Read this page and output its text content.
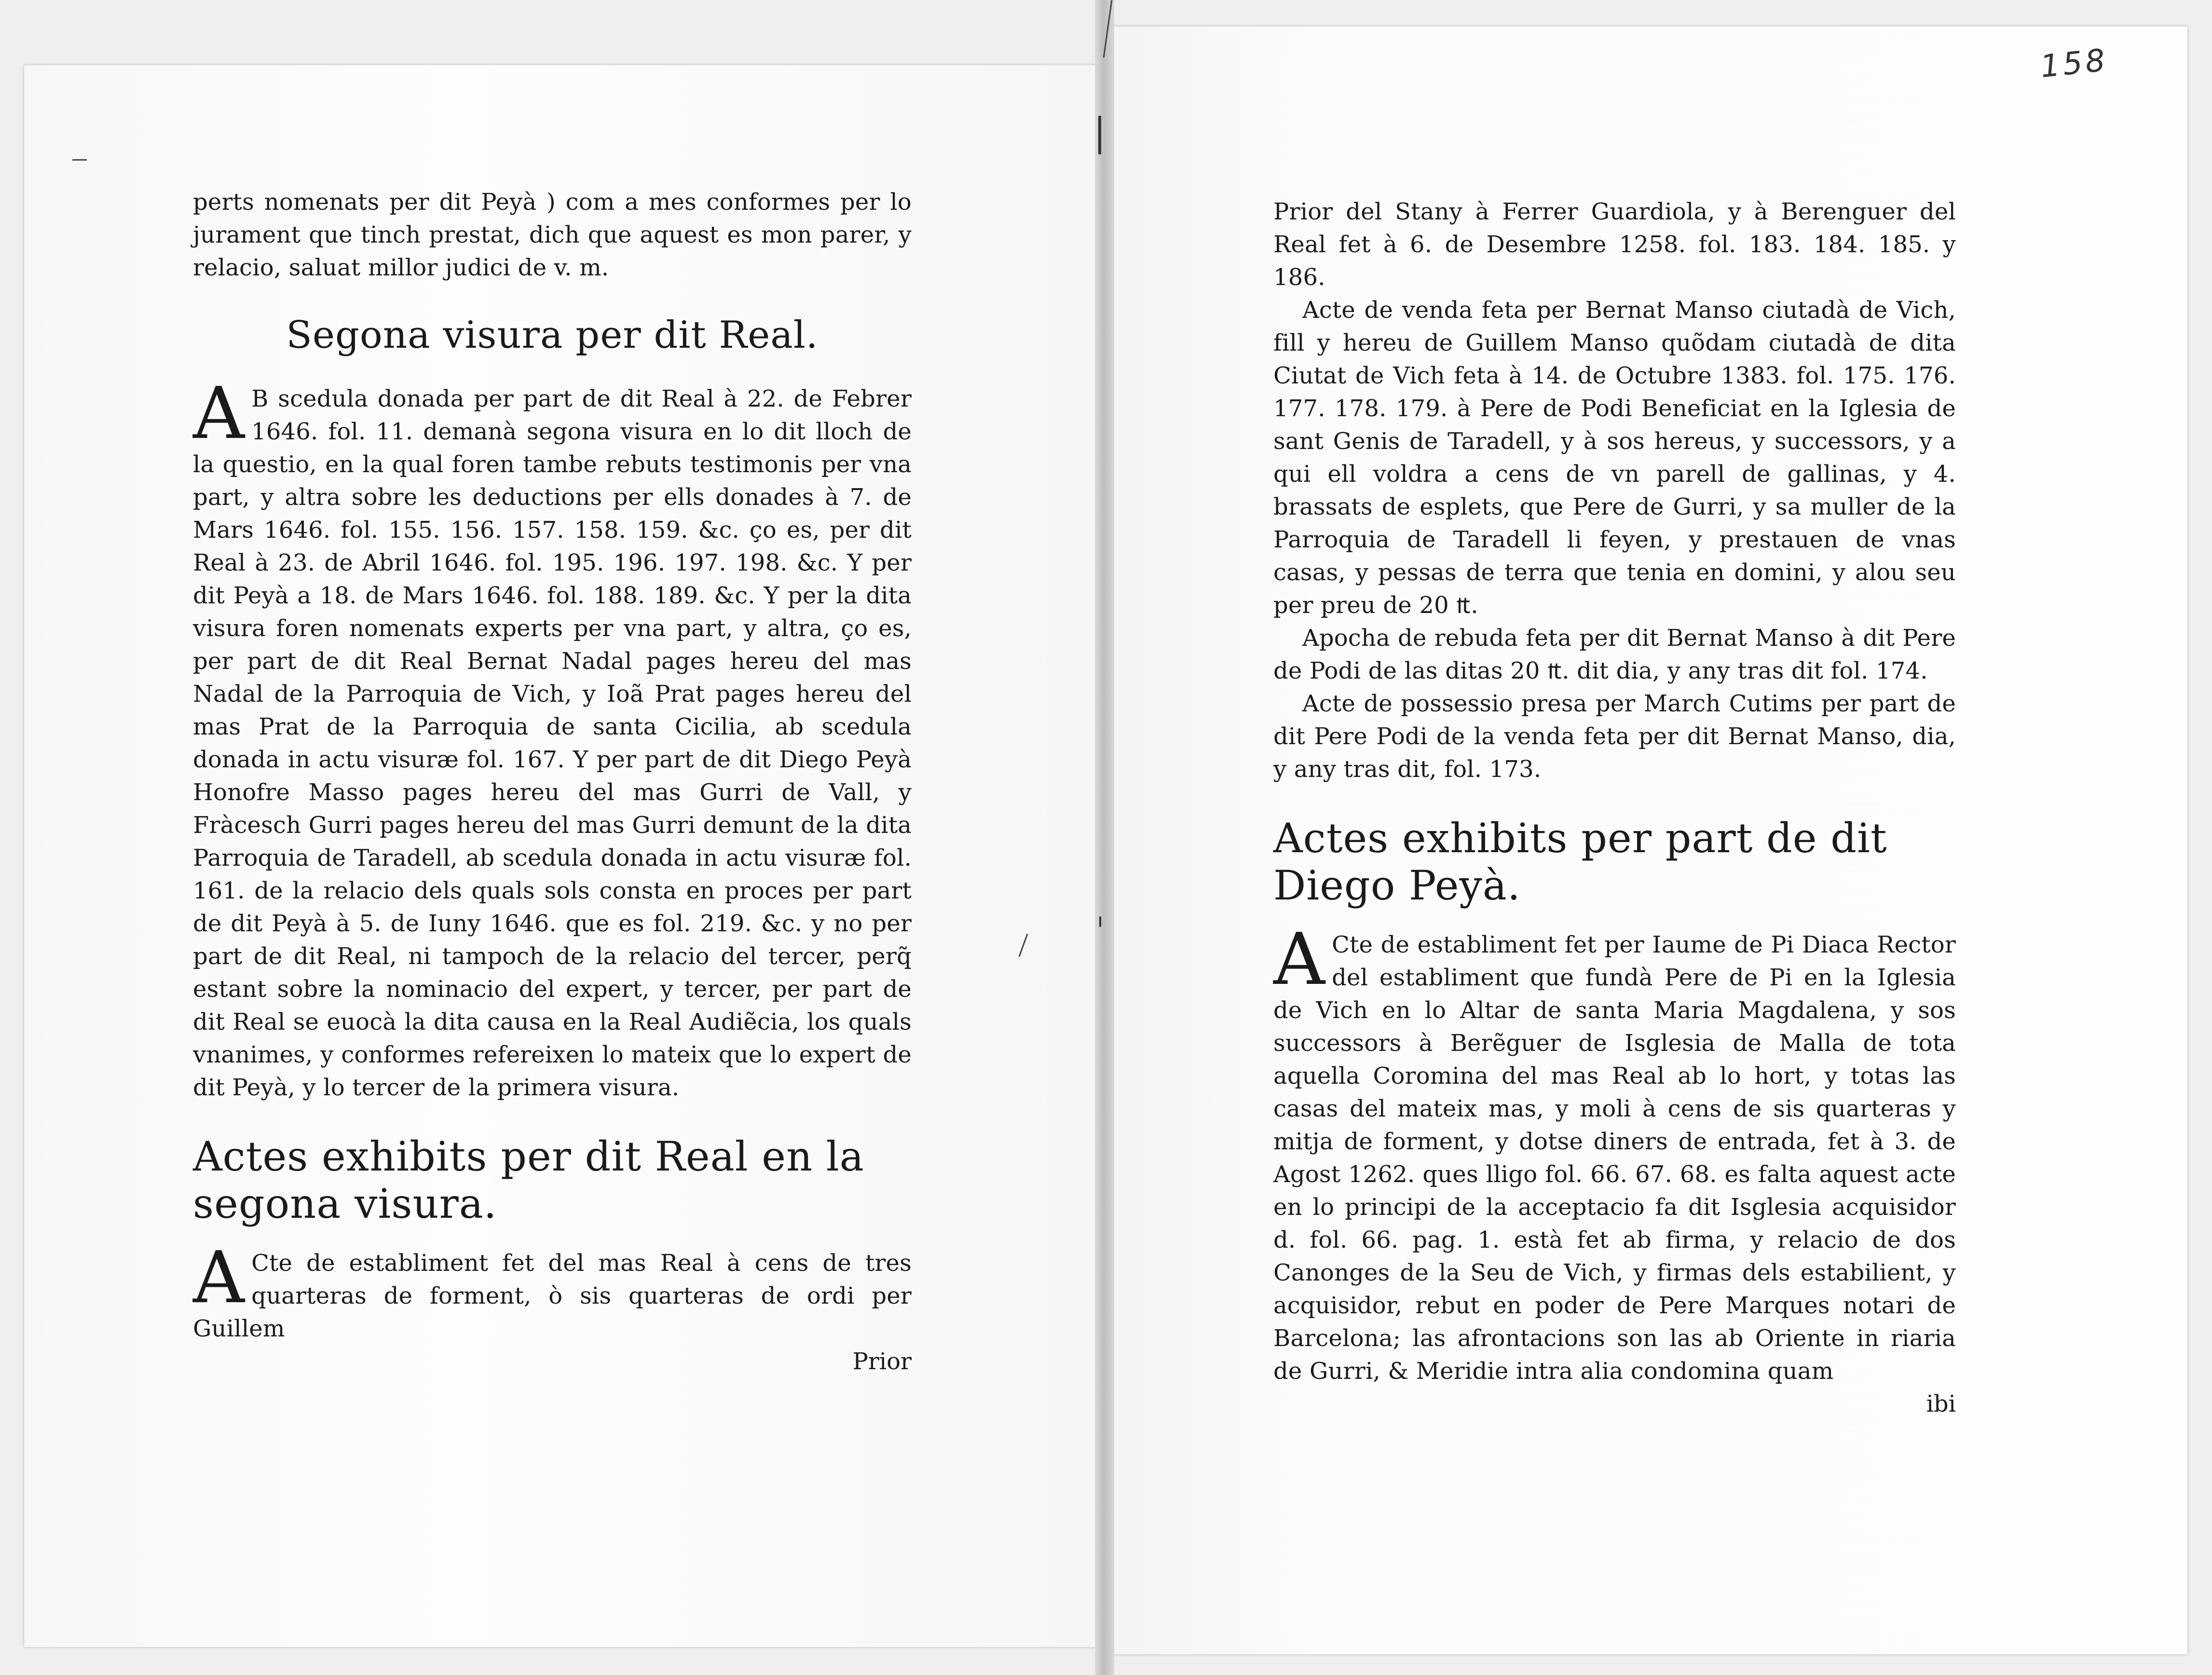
158

perts nomenats per dit Peyà ) com a mes conformes per lo jurament que tinch prestat, dich que aquest es mon parer, y relacio, saluat millor judici de v. m.

Segona visura per dit Real.

A B scedula donada per part de dit Real à 22. de Febrer 1646. fol. 11. demanà segona visura en lo dit lloch de la questio, en la qual foren tambe rebuts testimonis per vna part, y altra sobre les deductions per ells donades à 7. de Mars 1646. fol. 155. 156. 157. 158. 159. &c. ço es, per dit Real à 23. de Abril 1646. fol. 195. 196. 197. 198. &c. Y per dit Peyà a 18. de Mars 1646. fol. 188. 189. &c. Y per la dita visura foren nomenats experts per vna part, y altra, ço es, per part de dit Real Bernat Nadal pages hereu del mas Nadal de la Parroquia de Vich, y Ioã Prat pages hereu del mas Prat de la Parroquia de santa Cicilia, ab scedula donada in actu visuræ fol. 167. Y per part de dit Diego Peyà Honofre Masso pages hereu del mas Gurri de Vall, y Fràcesch Gurri pages hereu del mas Gurri demunt de la dita Parroquia de Taradell, ab scedula donada in actu visuræ fol. 161. de la relacio dels quals sols consta en proces per part de dit Peyà à 5. de Iuny 1646. que es fol. 219. &c. y no per part de dit Real, ni tampoch de la relacio del tercer, perq̃ estant sobre la nominacio del expert, y tercer, per part de dit Real se euocà la dita causa en la Real Audiẽcia, los quals vnanimes, y conformes refereixen lo mateix que lo expert de dit Peyà, y lo tercer de la primera visura.

Actes exhibits per dit Real en la segona visura.

A Cte de establiment fet del mas Real à cens de tres quarteras de forment, ò sis quarteras de ordi per Guillem

Prior

Prior del Stany à Ferrer Guardiola, y à Berenguer del Real fet à 6. de Desembre 1258. fol. 183. 184. 185. y 186.

Acte de venda feta per Bernat Manso ciutadà de Vich, fill y hereu de Guillem Manso quõdam ciutadà de dita Ciutat de Vich feta à 14. de Octubre 1383. fol. 175. 176. 177. 178. 179. à Pere de Podi Beneficiat en la Iglesia de sant Genis de Taradell, y à sos hereus, y successors, y a qui ell voldra a cens de vn parell de gallinas, y 4. brassats de esplets, que Pere de Gurri, y sa muller de la Parroquia de Taradell li feyen, y prestauen de vnas casas, y pessas de terra que tenia en domini, y alou seu per preu de 20 ₶.

Apocha de rebuda feta per dit Bernat Manso à dit Pere de Podi de las ditas 20 ₶. dit dia, y any tras dit fol. 174.

Acte de possessio presa per March Cutims per part de dit Pere Podi de la venda feta per dit Bernat Manso, dia, y any tras dit, fol. 173.

Actes exhibits per part de dit Diego Peyà.

A Cte de establiment fet per Iaume de Pi Diaca Rector del establiment que fundà Pere de Pi en la Iglesia de Vich en lo Altar de santa Maria Magdalena, y sos successors à Berẽguer de Isglesia de Malla de tota aquella Coromina del mas Real ab lo hort, y totas las casas del mateix mas, y moli à cens de sis quarteras y mitja de forment, y dotse diners de entrada, fet à 3. de Agost 1262. ques lligo fol. 66. 67. 68. es falta aquest acte en lo principi de la acceptacio fa dit Isglesia acquisidor d. fol. 66. pag. 1. està fet ab firma, y relacio de dos Canonges de la Seu de Vich, y firmas dels estabilient, y acquisidor, rebut en poder de Pere Marques notari de Barcelona; las afrontacions son las ab Oriente in riaria de Gurri, & Meridie intra alia condomina quam

ibi
